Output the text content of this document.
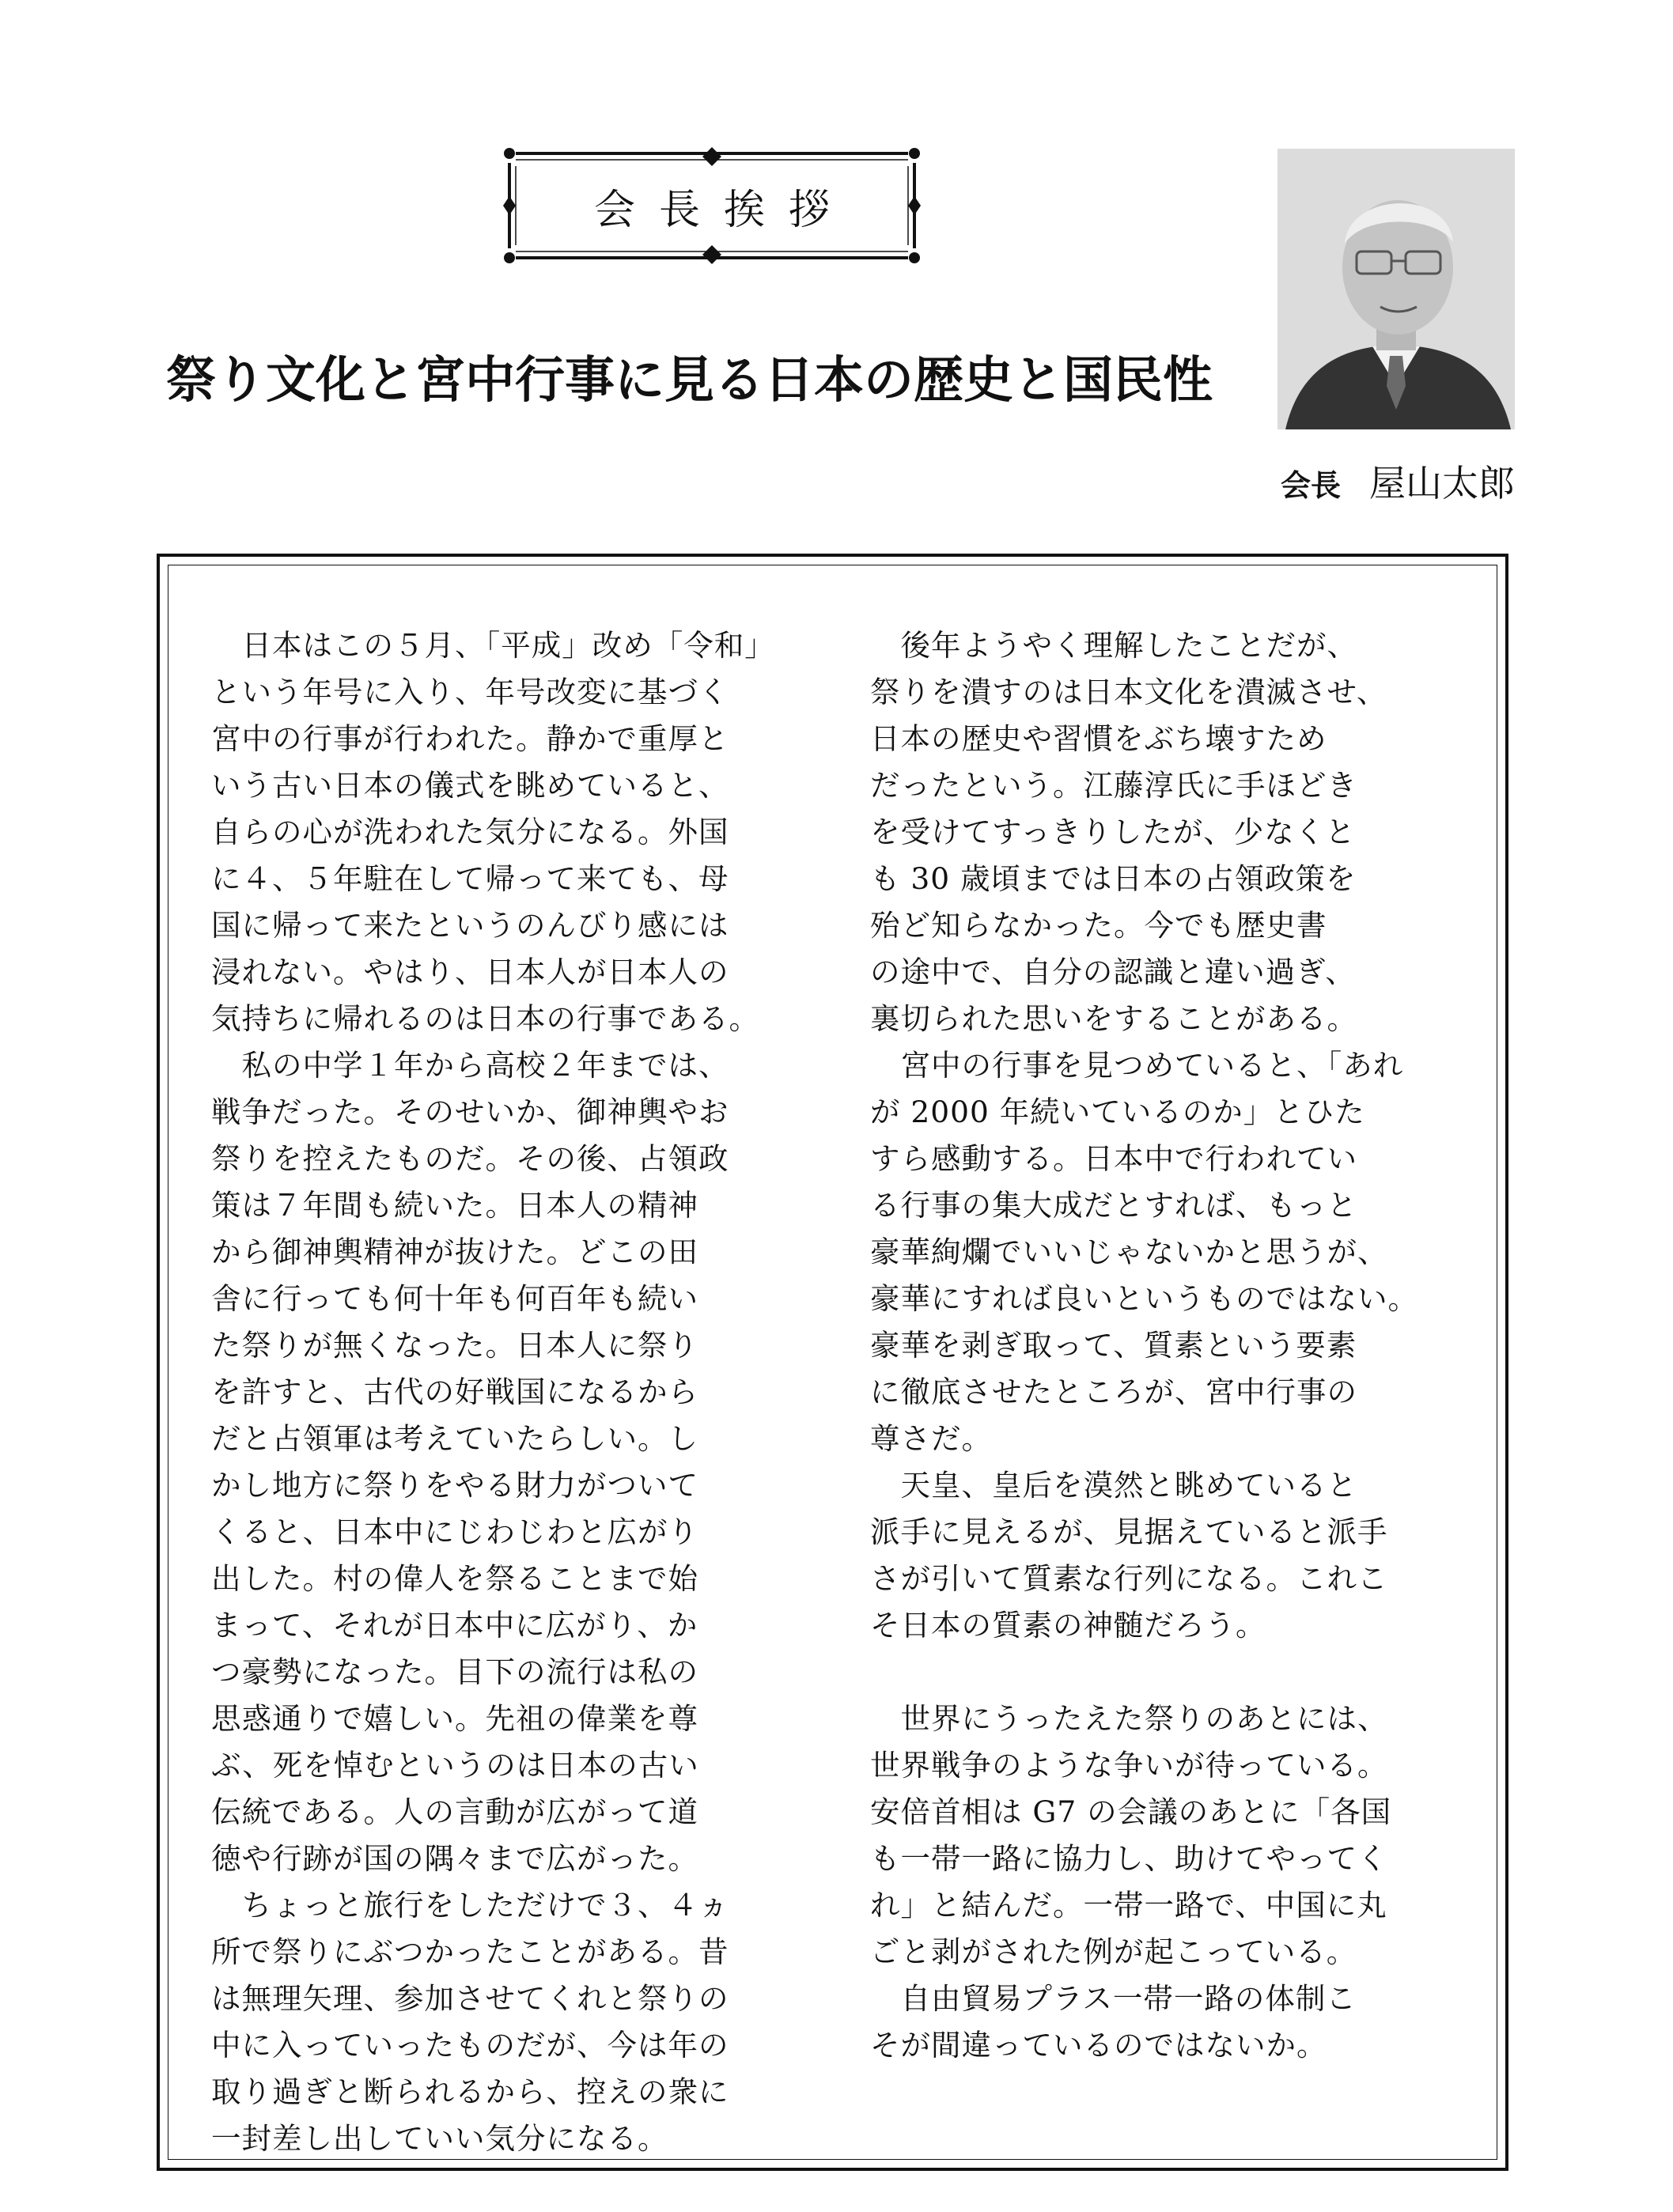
会長挨拶
祭り文化と宮中行事に見る日本の歴史と国民性
会長 屋山太郎
　日本はこの５月、「平成」改め「令和」
という年号に入り、年号改変に基づく
宮中の行事が行われた。静かで重厚と
いう古い日本の儀式を眺めていると、
自らの心が洗われた気分になる。外国
に４、５年駐在して帰って来ても、母
国に帰って来たというのんびり感には
浸れない。やはり、日本人が日本人の
気持ちに帰れるのは日本の行事である。
　私の中学１年から高校２年までは、
戦争だった。そのせいか、御神輿やお
祭りを控えたものだ。その後、占領政
策は７年間も続いた。日本人の精神
から御神輿精神が抜けた。どこの田
舎に行っても何十年も何百年も続い
た祭りが無くなった。日本人に祭り
を許すと、古代の好戦国になるから
だと占領軍は考えていたらしい。し
かし地方に祭りをやる財力がついて
くると、日本中にじわじわと広がり
出した。村の偉人を祭ることまで始
まって、それが日本中に広がり、か
つ豪勢になった。目下の流行は私の
思惑通りで嬉しい。先祖の偉業を尊
ぶ、死を悼むというのは日本の古い
伝統である。人の言動が広がって道
徳や行跡が国の隅々まで広がった。
　ちょっと旅行をしただけで３、４ヵ
所で祭りにぶつかったことがある。昔
は無理矢理、参加させてくれと祭りの
中に入っていったものだが、今は年の
取り過ぎと断られるから、控えの衆に
一封差し出していい気分になる。
　後年ようやく理解したことだが、
祭りを潰すのは日本文化を潰滅させ、
日本の歴史や習慣をぶち壊すため
だったという。江藤淳氏に手ほどき
を受けてすっきりしたが、少なくと
も 30 歳頃までは日本の占領政策を
殆ど知らなかった。今でも歴史書
の途中で、自分の認識と違い過ぎ、
裏切られた思いをすることがある。
　宮中の行事を見つめていると、「あれ
が 2000 年続いているのか」とひた
すら感動する。日本中で行われてい
る行事の集大成だとすれば、もっと
豪華絢爛でいいじゃないかと思うが、
豪華にすれば良いというものではない。
豪華を剥ぎ取って、質素という要素
に徹底させたところが、宮中行事の
尊さだ。
　天皇、皇后を漠然と眺めていると
派手に見えるが、見据えていると派手
さが引いて質素な行列になる。これこ
そ日本の質素の神髄だろう。
　世界にうったえた祭りのあとには、
世界戦争のような争いが待っている。
安倍首相は G7 の会議のあとに「各国
も一帯一路に協力し、助けてやってく
れ」と結んだ。一帯一路で、中国に丸
ごと剥がされた例が起こっている。
　自由貿易プラス一帯一路の体制こ
そが間違っているのではないか。
